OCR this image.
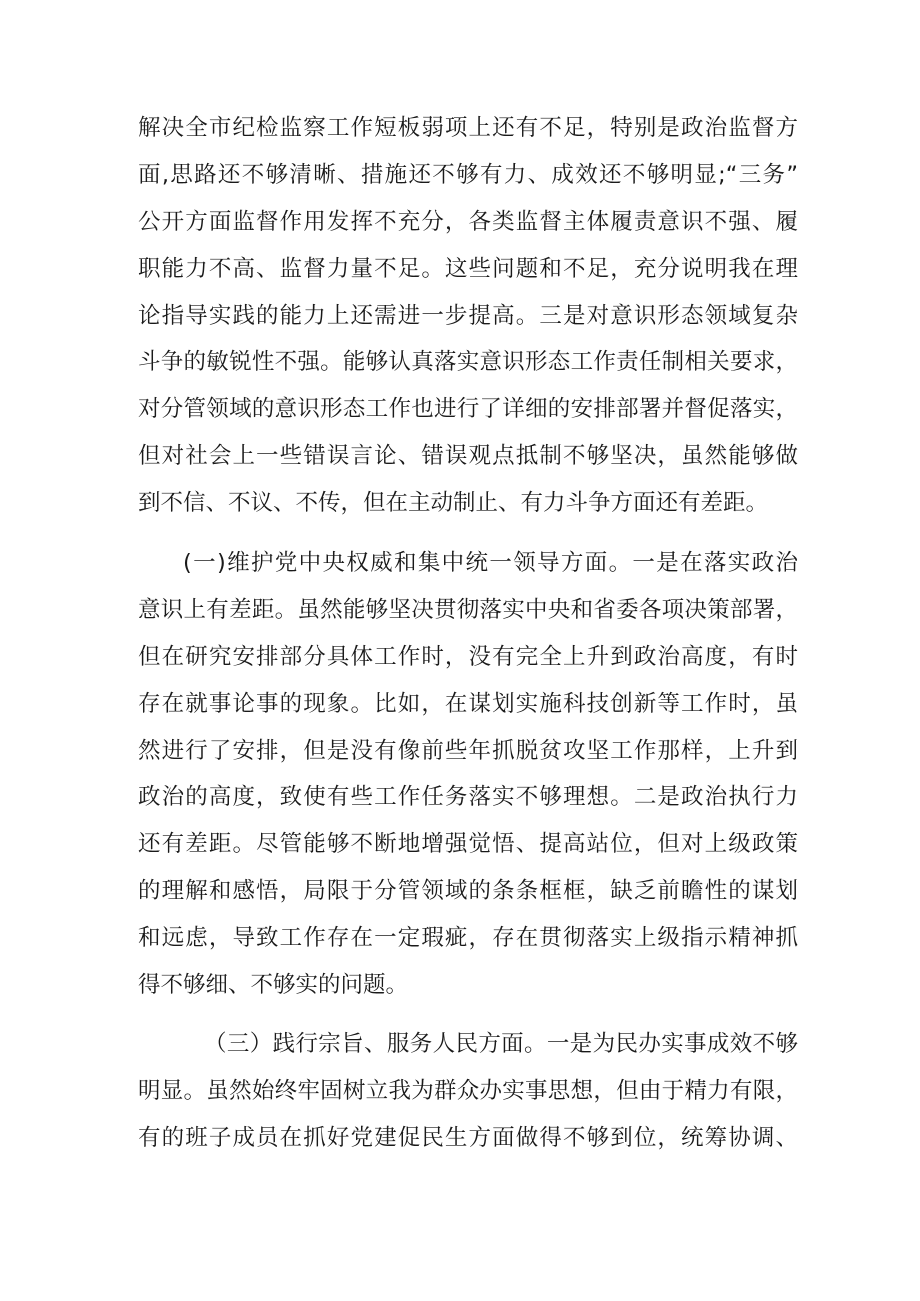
解决全市纪检监察工作短板弱项上还有不足，特别是政治监督方
面,思路还不够清晰、措施还不够有力、成效还不够明显;“三务”
公开方面监督作用发挥不充分，各类监督主体履责意识不强、履
职能力不高、监督力量不足。这些问题和不足，充分说明我在理
论指导实践的能力上还需进一步提高。三是对意识形态领域复杂
斗争的敏锐性不强。能够认真落实意识形态工作责任制相关要求，
对分管领域的意识形态工作也进行了详细的安排部署并督促落实，
但对社会上一些错误言论、错误观点抵制不够坚决，虽然能够做
到不信、不议、不传，但在主动制止、有力斗争方面还有差距。
(一)维护党中央权威和集中统一领导方面。一是在落实政治
意识上有差距。虽然能够坚决贯彻落实中央和省委各项决策部署，
但在研究安排部分具体工作时，没有完全上升到政治高度，有时
存在就事论事的现象。比如，在谋划实施科技创新等工作时，虽
然进行了安排，但是没有像前些年抓脱贫攻坚工作那样，上升到
政治的高度，致使有些工作任务落实不够理想。二是政治执行力
还有差距。尽管能够不断地增强觉悟、提高站位，但对上级政策
的理解和感悟，局限于分管领域的条条框框，缺乏前瞻性的谋划
和远虑，导致工作存在一定瑕疵，存在贯彻落实上级指示精神抓
得不够细、不够实的问题。
（三）践行宗旨、服务人民方面。一是为民办实事成效不够
明显。虽然始终牢固树立我为群众办实事思想，但由于精力有限，
有的班子成员在抓好党建促民生方面做得不够到位，统筹协调、
